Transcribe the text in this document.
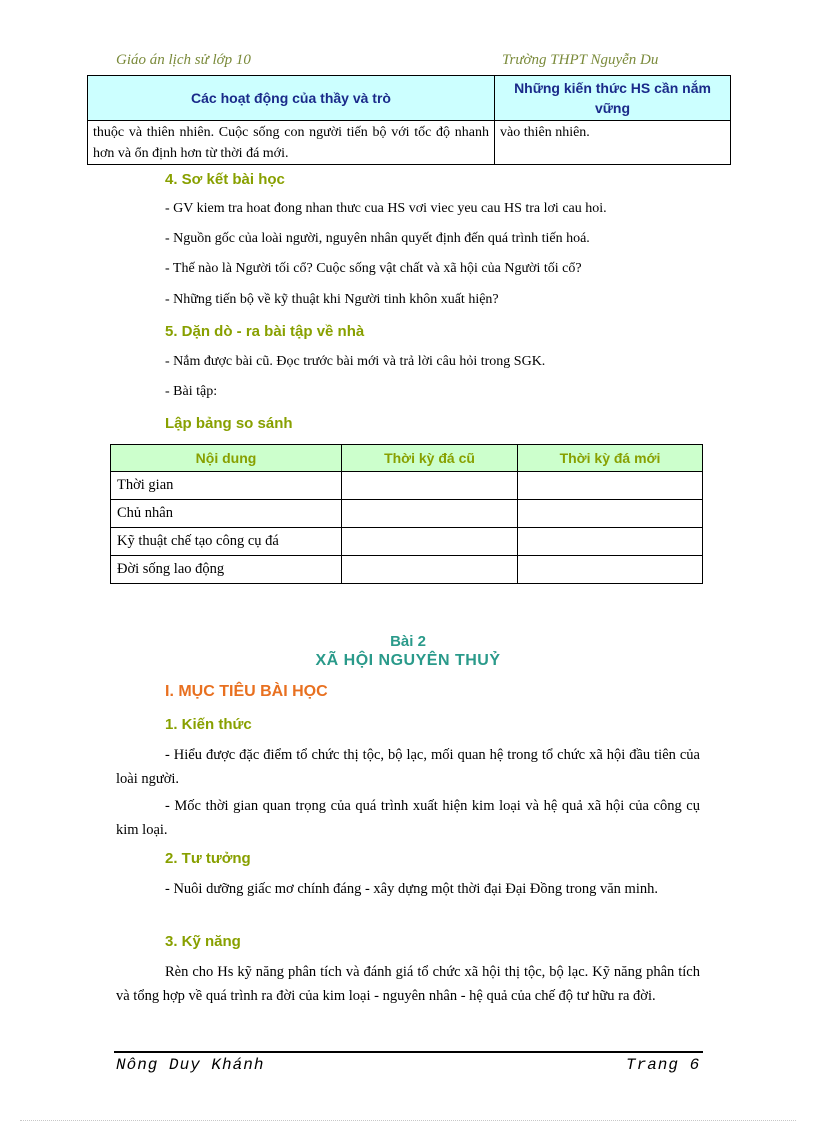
Giáo án lịch sử lớp 10	Trường THPT Nguyễn Du
Các hoạt động của thầy và trò	Những kiến thức HS cần nắm vững
thuộc và thiên nhiên. Cuộc sống con người tiến bộ với tốc độ nhanh hơn và ổn định hơn từ thời đá mới.	vào thiên nhiên.
4. Sơ kết bài học
- GV kiem tra hoat đong nhan thưc cua HS vơi viec yeu cau HS tra lơi cau hoi.
- Nguồn gốc của loài người, nguyên nhân quyết định đến quá trình tiến hoá.
- Thế nào là Người tối cổ? Cuộc sống vật chất và xã hội của Người tối cổ?
- Những tiến bộ về kỹ thuật khi Người tinh khôn xuất hiện?
5. Dặn dò - ra bài tập về nhà
- Nắm được bài cũ. Đọc trước bài mới và trả lời câu hỏi trong SGK.
- Bài tập:
Lập bảng so sánh
Nội dung	Thời kỳ đá cũ	Thời kỳ đá mới
Thời gian		
Chủ nhân		
Kỹ thuật chế tạo công cụ đá		
Đời sống lao động		
Bài 2
XÃ HỘI NGUYÊN THUỶ
I. MỤC TIÊU BÀI HỌC
1. Kiến thức
- Hiểu được đặc điểm tổ chức thị tộc, bộ lạc, mối quan hệ trong tổ chức xã hội đầu tiên của loài người.
- Mốc thời gian quan trọng của quá trình xuất hiện kim loại và hệ quả xã hội của công cụ kim loại.
2. Tư tưởng
- Nuôi dưỡng giấc mơ chính đáng - xây dựng một thời đại Đại Đồng trong văn minh.
3. Kỹ năng
Rèn cho Hs kỹ năng phân tích và đánh giá tổ chức xã hội thị tộc, bộ lạc. Kỹ năng phân tích và tổng hợp về quá trình ra đời của kim loại - nguyên nhân - hệ quả của chế độ tư hữu ra đời.
Nông Duy Khánh	Trang 6
